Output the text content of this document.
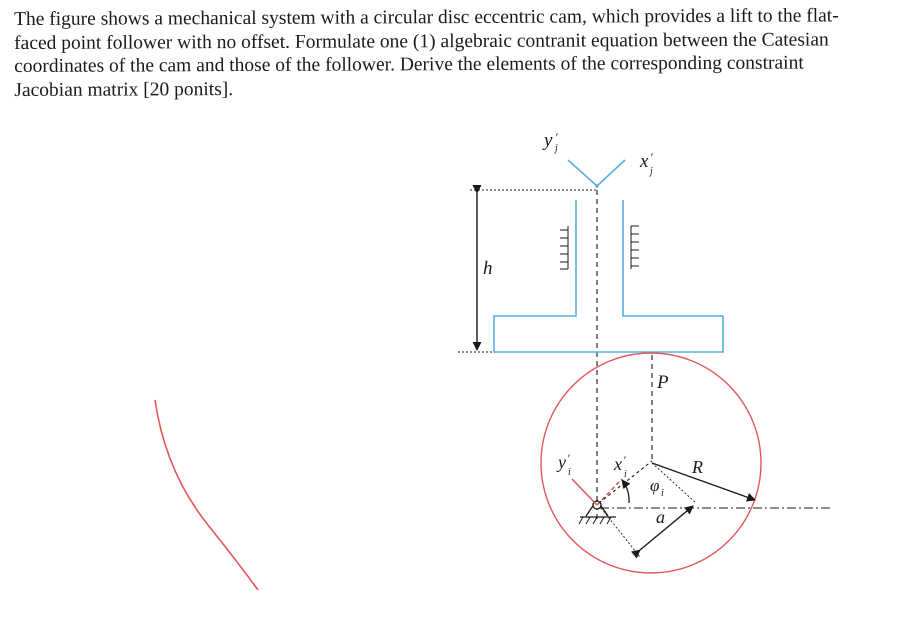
The figure shows a mechanical system with a circular disc eccentric cam, which provides a lift to the flat-faced point follower with no offset. Formulate one (1) algebraic contranit equation between the Catesian coordinates of the cam and those of the follower. Derive the elements of the corresponding constraint Jacobian matrix [20 ponits].

y ′
j
x ′
j
h
P
y ′
i x ′
i
φ i
a
R
